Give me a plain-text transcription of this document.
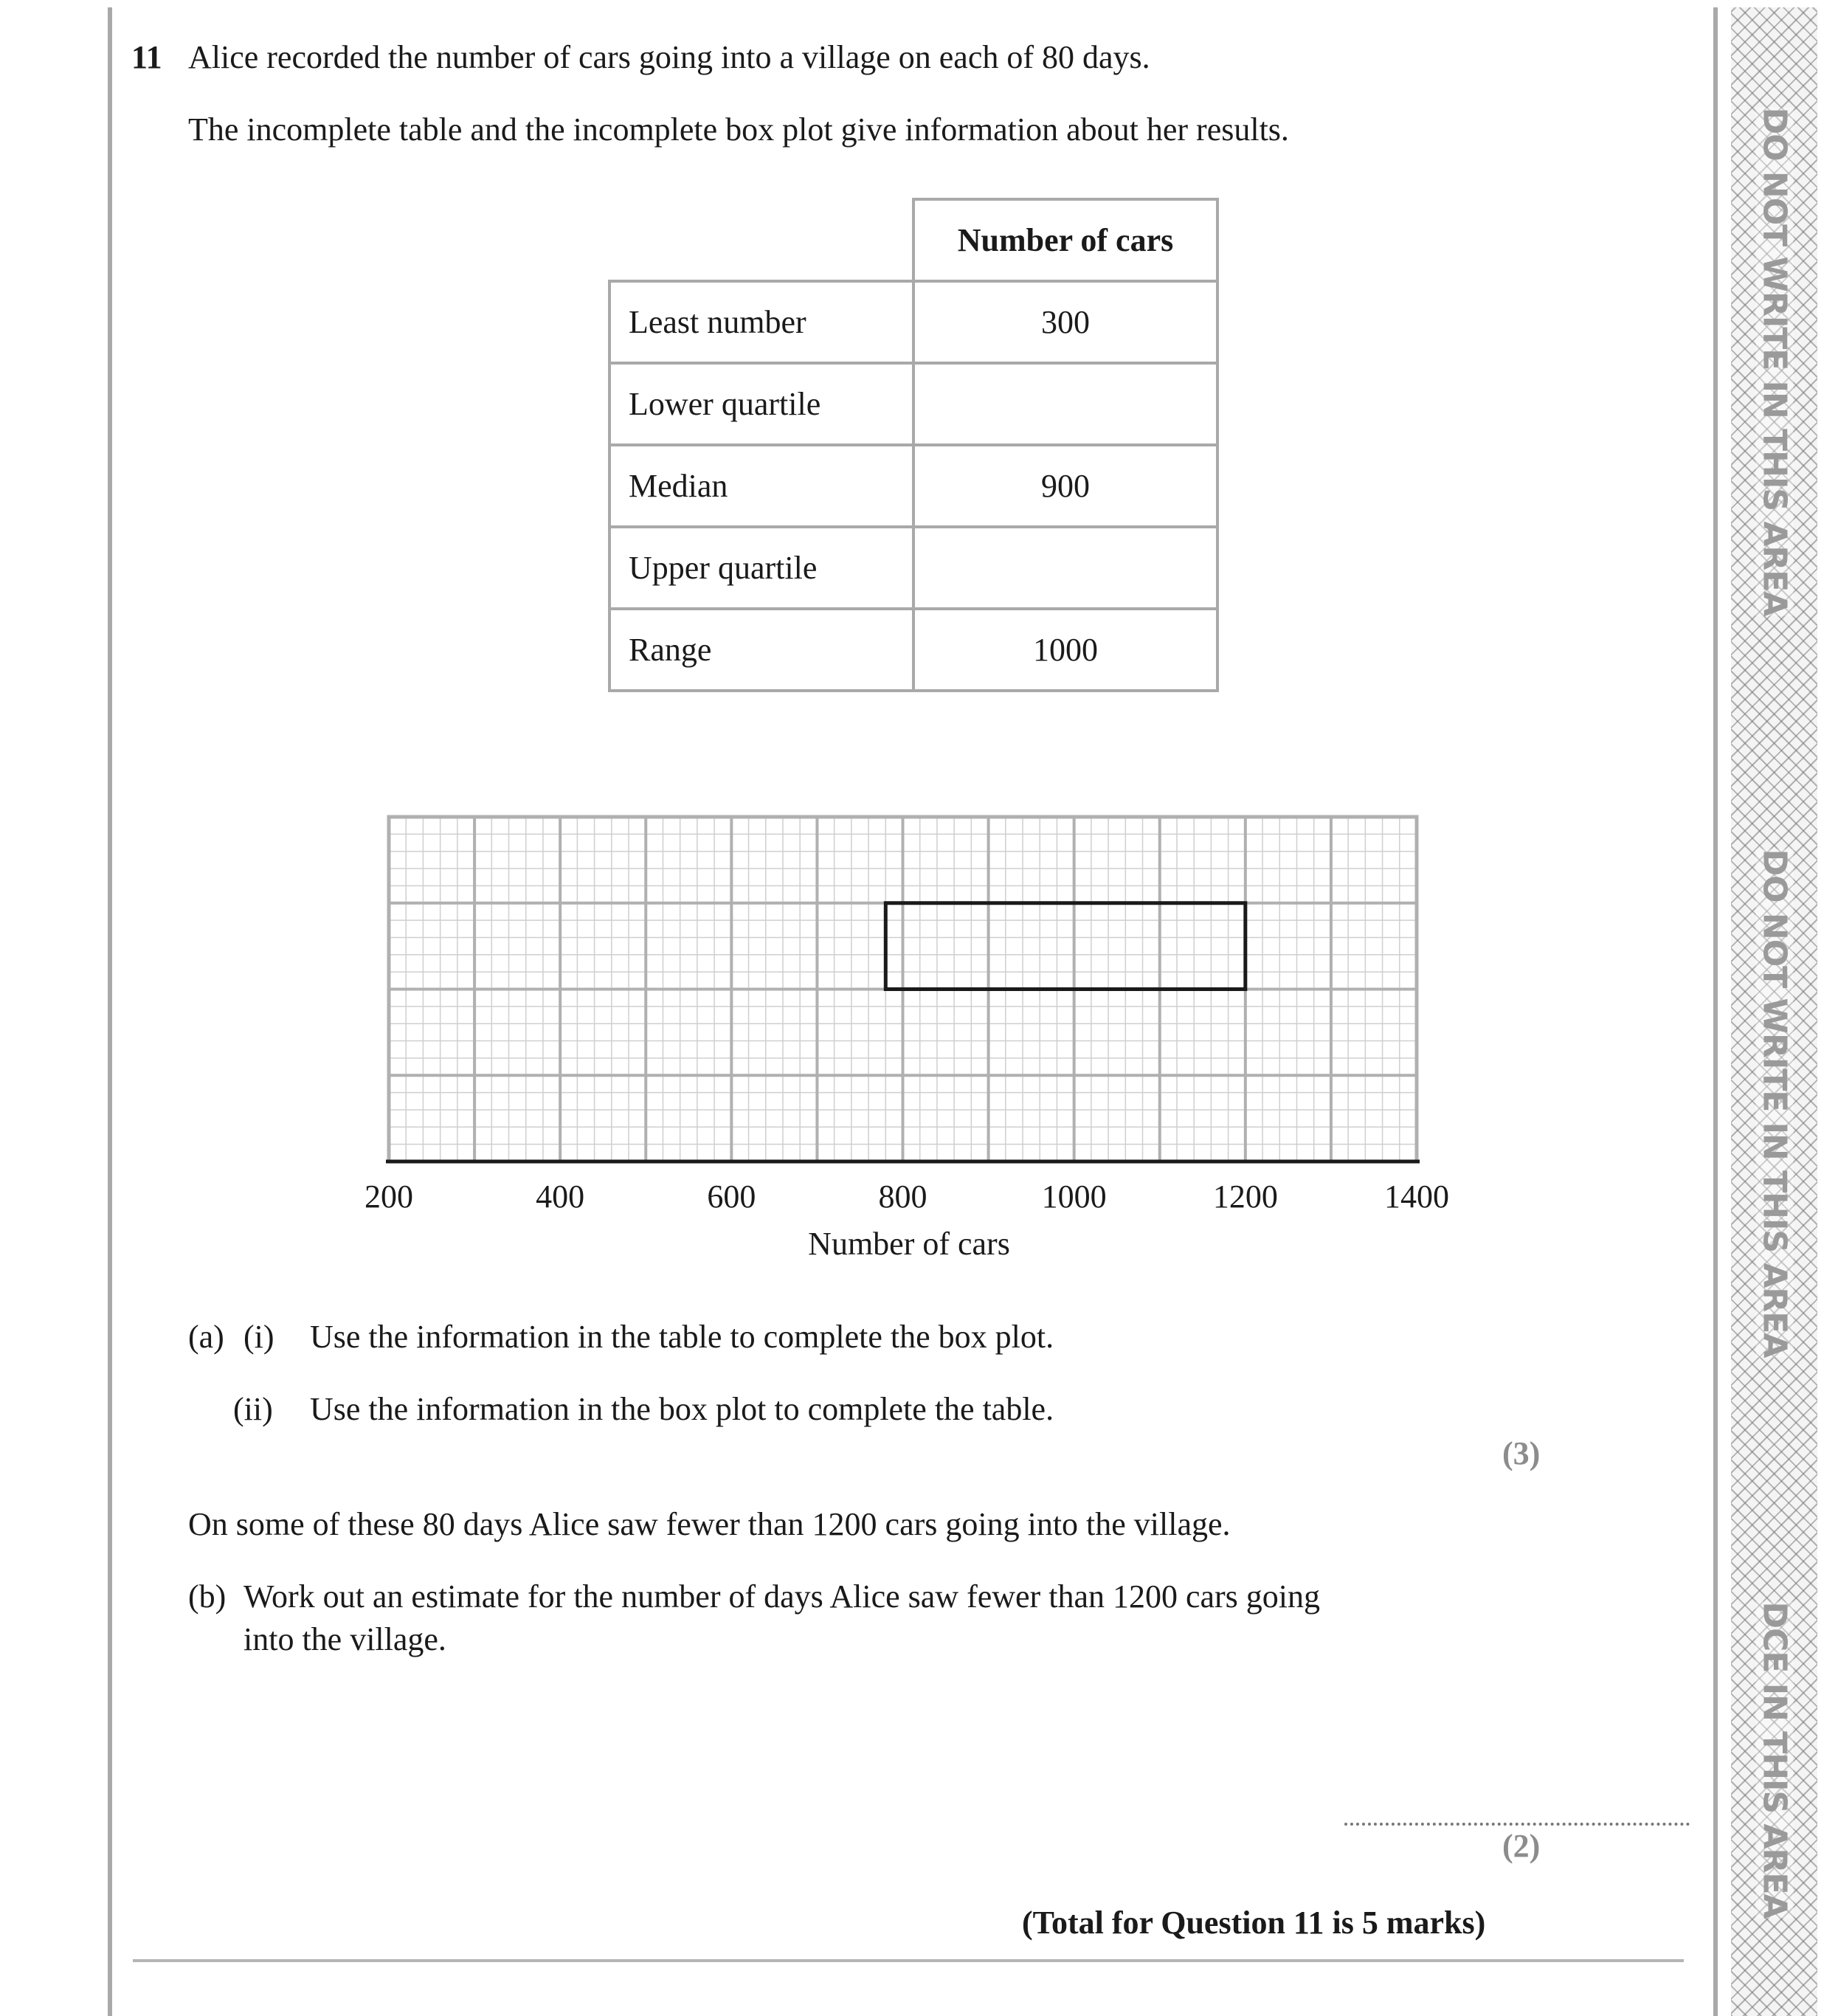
DO NOT WRITE IN THIS AREA
DO NOT WRITE IN THIS AREA
DCE IN THIS AREA
11 Alice recorded the number of cars going into a village on each of 80 days.
The incomplete table and the incomplete box plot give information about her results.
	Number of cars
Least number	300
Lower quartile	
Median	900
Upper quartile	
Range	1000
200	400	600	800	1000	1200	1400
Number of cars
(a) (i) Use the information in the table to complete the box plot.
(ii) Use the information in the box plot to complete the table.
(3)
On some of these 80 days Alice saw fewer than 1200 cars going into the village.
(b) Work out an estimate for the number of days Alice saw fewer than 1200 cars going
into the village.
(2)
(Total for Question 11 is 5 marks)
